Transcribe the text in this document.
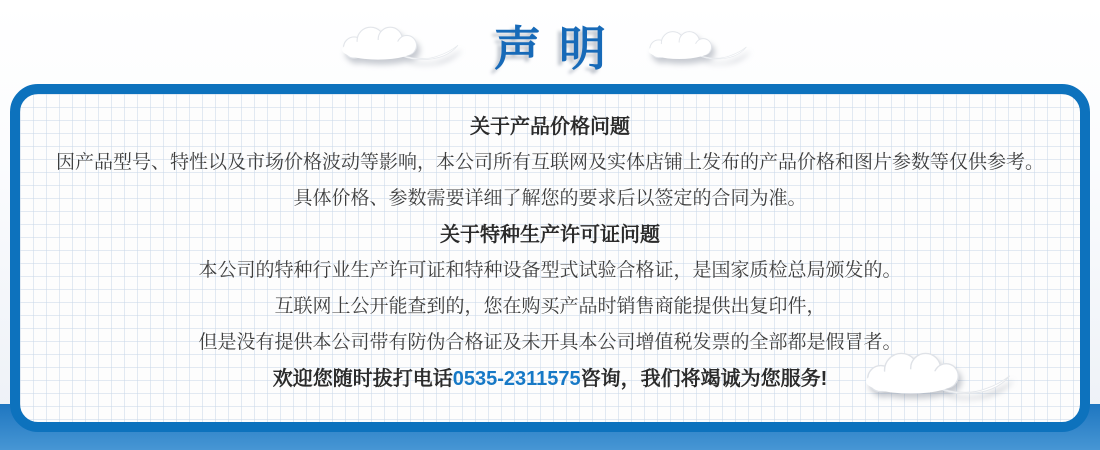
声明
关于产品价格问题
因产品型号、特性以及市场价格波动等影响，本公司所有互联网及实体店铺上发布的产品价格和图片参数等仅供参考。
具体价格、参数需要详细了解您的要求后以签定的合同为准。
关于特种生产许可证问题
本公司的特种行业生产许可证和特种设备型式试验合格证，是国家质检总局颁发的。
互联网上公开能查到的，您在购买产品时销售商能提供出复印件，
但是没有提供本公司带有防伪合格证及未开具本公司增值税发票的全部都是假冒者。
欢迎您随时拔打电话0535-2311575咨询，我们将竭诚为您服务!
